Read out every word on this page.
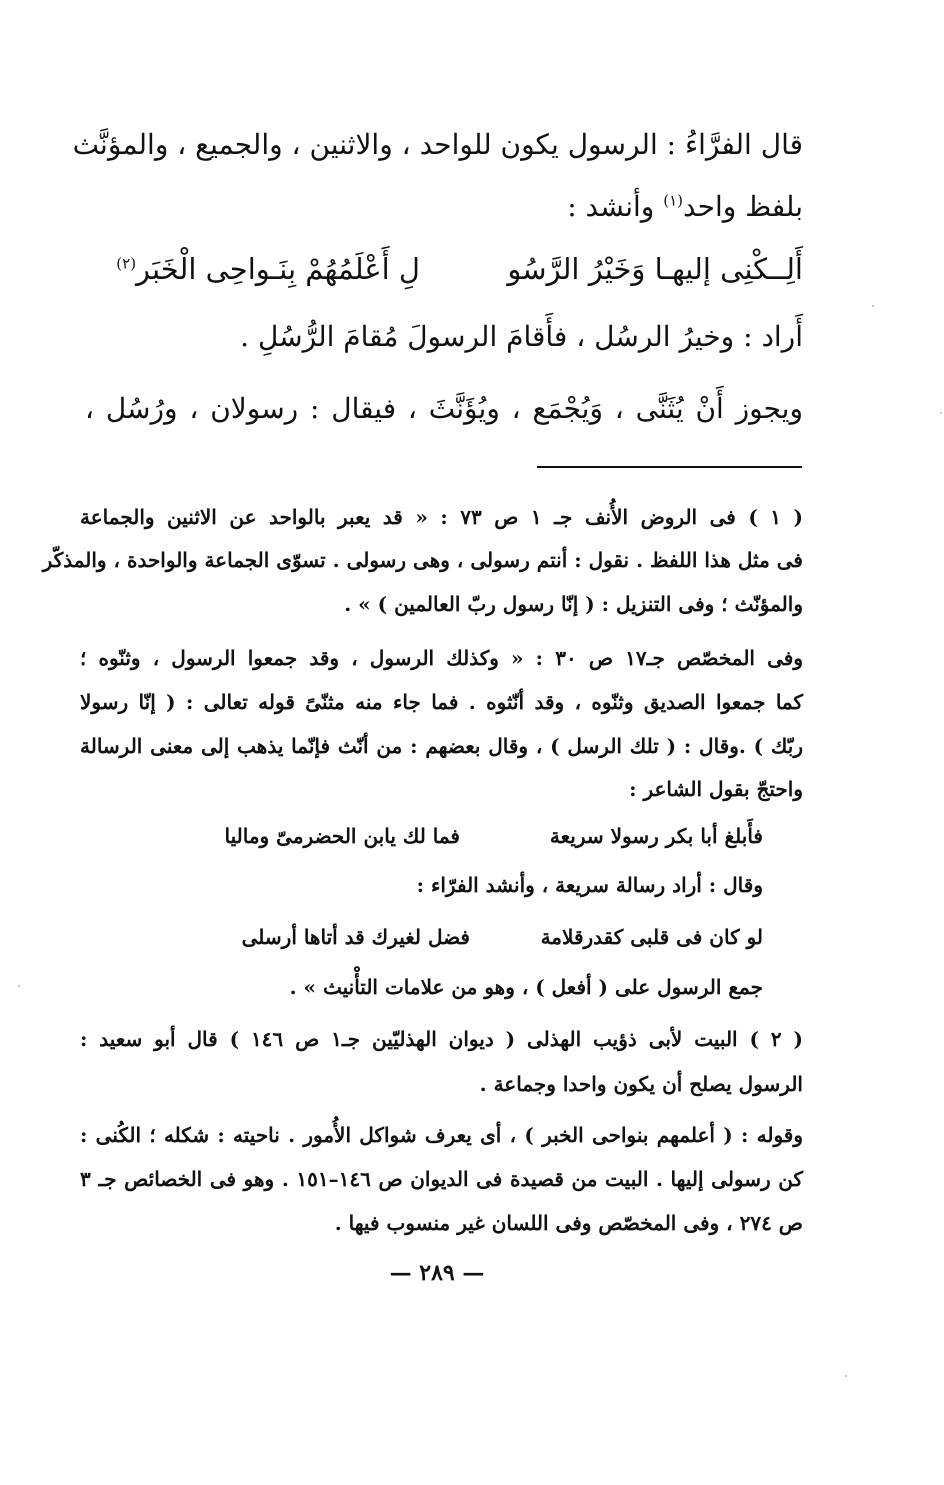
قال الفرَّاءُ : الرسول يكون للواحد ، والاثنين ، والجميع ، والمؤنَّث
بلفظ واحد$^{(١)}$ وأنشد :
أَلِــكْنِى إليهـا وَخَيْرُ الرَّسُو
لِ أَعْلَمُهُمْ بِنَـواحِى الْخَبَر$^{(٢)}$
أَراد : وخيرُ الرسُل ، فأَقامَ الرسولَ مُقامَ الرُّسُلِ .
ويجوز أَنْ يُثَنَّى ، وَيُجْمَع ، ويُؤَنَّثَ ، فيقال : رسولان ، ورُسُل ،
( ١ ) فى الروض الأُنف جـ ١ ص ٧٣ : « قد يعبر بالواحد عن الاثنين والجماعة
فى مثل هذا اللفظ . نقول : أنتم رسولى ، وهى رسولى . تسوّى الجماعة والواحدة ، والمذكّر
والمؤنّث ؛ وفى التنزيل : ( إنّا رسول ربّ العالمين ) » .
وفى المخصّص جـ١٧ ص ٣٠ : « وكذلك الرسول ، وقد جمعوا الرسول ، وثنّوه ؛
كما جمعوا الصديق وثنّوه ، وقد أنّثوه . فما جاء منه مثنّىً قوله تعالى : ( إنّا رسولا
ربّك ) .وقال : ( تلك الرسل ) ، وقال بعضهم : من أنّث فإنّما يذهب إلى معنى الرسالة
واحتجّ بقول الشاعر :
فأَبلغ أبا بكر رسولا سريعة
فما لك يابن الحضرمىّ وماليا
وقال : أراد رسالة سريعة ، وأنشد الفرّاء :
لو كان فى قلبى كقدرقلامة
فضل لغيرك قد أتاها أرسلى
جمع الرسول على ( أفعل ) ، وهو من علامات التأْنيث » .
( ٢ ) البيت لأبى ذؤيب الهذلى ( ديوان الهذليّين جـ١ ص ١٤٦ ) قال أبو سعيد :
الرسول يصلح أن يكون واحدا وجماعة .
وقوله : ( أعلمهم بنواحى الخبر ) ، أى يعرف شواكل الأُمور . ناحيته : شكله ؛ الكُنى :
كن رسولى إليها . البيت من قصيدة فى الديوان ص ١٤٦–١٥١ . وهو فى الخصائص جـ ٣
ص ٢٧٤ ، وفى المخصّص وفى اللسان غير منسوب فيها .
— ٢٨٩ —
